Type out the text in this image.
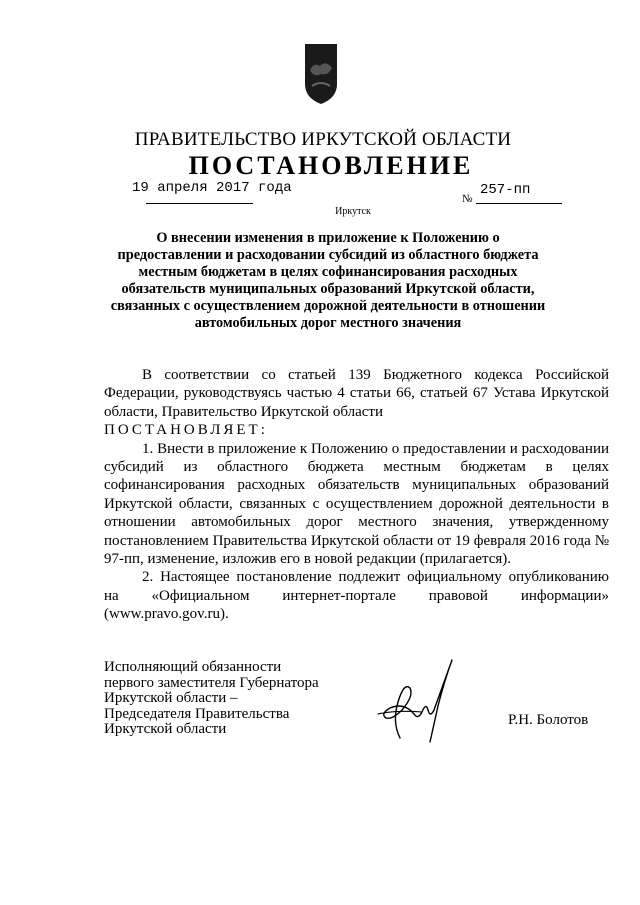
ПРАВИТЕЛЬСТВО ИРКУТСКОЙ ОБЛАСТИ
ПОСТАНОВЛЕНИЕ
19 апреля 2017 года
№
257-пп
Иркутск
О внесении изменения в приложение к Положению о предоставлении и расходовании субсидий из областного бюджета местным бюджетам в целях софинансирования расходных обязательств муниципальных образований Иркутской области, связанных с осуществлением дорожной деятельности в отношении автомобильных дорог местного значения

В соответствии со статьей 139 Бюджетного кодекса Российской Федерации, руководствуясь частью 4 статьи 66, статьей 67 Устава Иркутской области, Правительство Иркутской области

ПОСТАНОВЛЯЕТ:

1. Внести в приложение к Положению о предоставлении и расходовании субсидий из областного бюджета местным бюджетам в целях софинансирования расходных обязательств муниципальных образований Иркутской области, связанных с осуществлением дорожной деятельности в отношении автомобильных дорог местного значения, утвержденному постановлением Правительства Иркутской области от 19 февраля 2016 года № 97-пп, изменение, изложив его в новой редакции (прилагается).

2. Настоящее постановление подлежит официальному опубликованию на «Официальном интернет-портале правовой информации» (www.pravo.gov.ru).

Исполняющий обязанности
первого заместителя Губернатора
Иркутской области –
Председателя Правительства
Иркутской области
Р.Н. Болотов
